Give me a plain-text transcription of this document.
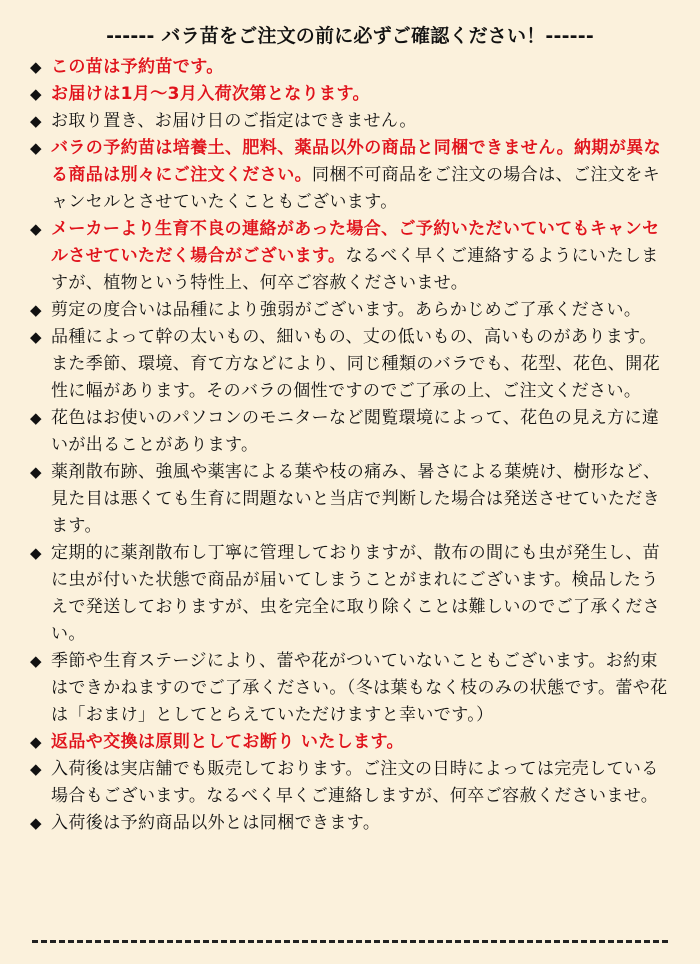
------ バラ苗をご注文の前に必ずご確認ください！------
◆ この苗は予約苗です。
◆ お届けは1月～3月入荷次第となります。
◆ お取り置き、お届け日のご指定はできません。
◆ バラの予約苗は培養土、肥料、薬品以外の商品と同梱できません。納期が異なる商品は別々にご注文ください。同梱不可商品をご注文の場合は、ご注文をキャンセルとさせていたくこともございます。
◆ メーカーより生育不良の連絡があった場合、ご予約いただいていてもキャンセルさせていただく場合がございます。なるべく早くご連絡するようにいたしますが、植物という特性上、何卒ご容赦くださいませ。
◆ 剪定の度合いは品種により強弱がございます。あらかじめご了承ください。
◆ 品種によって幹の太いもの、細いもの、丈の低いもの、高いものがあります。また季節、環境、育て方などにより、同じ種類のバラでも、花型、花色、開花性に幅があります。そのバラの個性ですのでご了承の上、ご注文ください。
◆ 花色はお使いのパソコンのモニターなど閲覧環境によって、花色の見え方に違いが出ることがあります。
◆ 薬剤散布跡、強風や薬害による葉や枝の痛み、暑さによる葉焼け、樹形など、見た目は悪くても生育に問題ないと当店で判断した場合は発送させていただきます。
◆ 定期的に薬剤散布し丁寧に管理しておりますが、散布の間にも虫が発生し、苗に虫が付いた状態で商品が届いてしまうことがまれにございます。検品したうえで発送しておりますが、虫を完全に取り除くことは難しいのでご了承ください。
◆ 季節や生育ステージにより、蕾や花がついていないこともございます。お約束はできかねますのでご了承ください。（冬は葉もなく枝のみの状態です。蕾や花は「おまけ」としてとらえていただけますと幸いです。）
◆ 返品や交換は原則としてお断り いたします。
◆ 入荷後は実店舗でも販売しております。ご注文の日時によっては完売している場合もございます。なるべく早くご連絡しますが、何卒ご容赦くださいませ。
◆ 入荷後は予約商品以外とは同梱できます。
